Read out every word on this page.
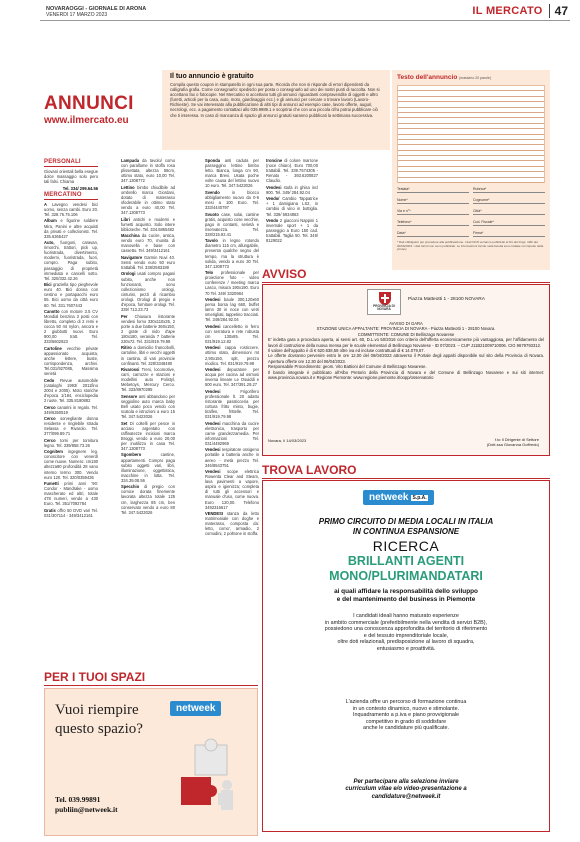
NOVARAOGGI - GIORNALE DI ARONA
VENERDI 17 MARZO 2023	IL MERCATO	47
ANNUNCI
www.ilmercato.eu
PERSONALI

Giovani orientali bella esegue dolce massaggio solo pero tali falsi. Chiama

Tel. 334/ 299.64.56

MERCATINO

A Lavegno vendesi bici uomo, senza cambi. Euro 20. Tel. 328.76.75.106

Album e figurine soldiere Mira, Panini e altre acquisti da privati e collezionisti. Tel. 335.6365427

Auto, fuorgoni, caravan, rimorchi, trattori, pick up, fuoristrada, divertimento, moderni, fuoristrada, fuori, compro. Paga subito, passaggio di proprietà immediata e cancelli sotto. Tel. 320/332.42.26

Bici graziella tipo pieghevole euro 40. Bici donna con cestino e portapacchi euro 55. Bici uomo da città euro 60. Tel. 331.7607443

Canotto con motore 3.5 CV Mondial benzina 3 posti con libretto, completo di 2 remi e cocca 50 mt nylon, ancora e 2 giubbotti nuovi. Euro 900,00 tratt. Tel. 333/5602823

Cartoline vecchie private appassionato acquista, anche lettere, buste, corrispondenza, archivi. Tel.031/927085, Massima serietà

Cedo Revue automobile (cataloghi 1993/ 2011fino 2004 e 2005). Moto storiche d'epoca 1/184, enciclopedia 2 ruote. Tel. 335.8190882

Cerco canarini in regalo. Tel. 349/6350519

Cerco sorvegliante donna residente e ringlebile strada Selassa e Rivarolo. Tel. 377/099.89.71

Cerco torni per tornitura legno. Tel. 339/858.73.26

Cognitem ingegnere leg. conoscitore con venerdì come nuove. Numero: cm180 altezza90 profondità 28 vano interno termo 300. Vendo euro 120. Tel. 320/0359436

Fumetti primi anni '90: Condor - Mandrake - uomo mascherato ed altri, totale 478 numeri, vendo a 430 Euro. Tel. 351/7092784

Gratis offro 50 DVD vari Tel. 031/307114 - 349/3412161

Lampada da tavolo/ como con parallume in stoffa rosa plissettata, altezza 58cm, ottimo stato, euro 10,00 Tel. 347.1308772

Lettino bimbo chiudibile ad ombrello marca Giordani, dotato di materasso sfoderabile in ottimo stato vendo a euro 40,00 Tel. 347.1308773

Libri antichi e moderni e fumetti acquisto. Solo intere biblioteche. Tel. 334.6865482

Macchina da cucire, antica, vendo euro 70, munita di manovella e base con cassetto. Tel. 349/3412161

Navigatore Garmin Nuvi 40. Sensi vendo euro 50 euro trattabili. Tel. 338/2583189

Orologi usati compro pagasi subito, anche non funzionanti, sono collezionismo orologi, cinturini, pezzi di ricambio orologi. Orologi di pregio e d'epoca, forniture orologi. Tel. 339/ 713.23.73

Per Chiusura ristorante vendesi forno 330x110x35, 2 porte a due batterie 360x150, 2 grate di nido d'ape 180x180, veranda 7 batterie 230x72. Tel. 331/919.79.98

Ritiro a domicilio francobolli, cartoline, libri e vecchi oggetti in cantina, di vari provincie confinanti. Tel. 328/3348480

Rivarossi Treni, locomotive, carri, carrozze e stazioni e modellini auto Polistyl, Mebetoys, Mercury Cerco. Tel. 333/8970285

Sensore anti abbandono per seggiolino auto marca baby Bell usato poco vendo con scatola e istruzioni a euro 15 Tel. 347.5423026

Set Di coltelli per pesce in acciaio argentato con raffinatezze incisioni marca Broggi, vendo a euro 20,00 per inutilizzo in casa Tel. 347.1308773

Sgombero cantine, appartamenti. Compro paga subito oggetti vari, libri, illuminazione, oggettistica, macchine in lotta. Tel. 334.39.08.56

Specchio di pregio con cornice dorata finemente lavorata altezza totale 125 cm, larghezza 85 cm, ben conservato vendo a euro 80 Tel. 347.5423026

Sponda anti caduta per passeggino lettino bimbo letto. Bianca, lunga cm 90, marca Brevi. Usata poche volte causa del lettino nuovo 10 euro. Tel. 347.5423026

Svendo in blocco abbigliamento nuovo da 0-6 mesi a 100 Euro. Tel. 333/4440797

Svuoto case, solai, cantine gratis, acquisto cose vecchie, pago in contanti, serietà e riservatezza. Tel. 328/215.92.41

Tavolo in legno rotondo diametro 115 cm, allungabile, presenta qualche segno del tempo, ma la struttura è solida, vendo a euro 30 Tel. 347.1308773

Telo professionale per proiezione foto - video conferenze / meeting marca Lasco, misura 190x190. Euro 70 Tel. 349/ 3320984

Vendesi baule 300,120x60 persa borsa lag 660, buffet lamn 30 in noce con vetri smerigliati, tappetino tracciati. Tel. 349/284.92.04

Vendesi cancelletto in ferro con serratura e rete robusta cm 130x85. Tel. 031/919.12.82

Vendesi cappa rosticcere, ottimo stato, dimensioni mt 2,90x150, splt, prezzo modico. Tel. 031/919.79.98

Vendesi depuratore per acqua per cucina ad osmosi inversa lineare Le Osuiddi e 500 euro. Tel. 347/391.29.27

Vendesi Frigorifero professionale lt. 20 adatto ristorante passticceria per cottura fritto misto, bugie, tiralfen, frittelle. Tel. 031/919.79.98

Vendesi macchina da cucire elettronica, trasporto per carne grandezzamedia. Per informazioni Tel. 031/4492969

Vendesi respiratore ossigeno portatile a batteria anche in aereo - metà prezzo Tel. 346/8543751

Vendesi scope elettrica Rowenta Clear and Steam, lava pavimenti a vapore, aspira e igienizza; completa di tutti gli accessori e manuale d'uso, come nuova. Euro 120,00. Telefono 3492316617

VENDESI stanza da letto matrimoniale con doghe e materasso, composta da: letto, como', armadio, 2 comodini, 2 poltrone in stoffa.

troncine di colore marrone (noce chiaro). Euro 700,00 trattabili. Tel. 339.7574305 - Renato - 393.6200827 Claudio.

Vendesi stufa in ghisa incl 900. Tel. 349/ 284.92.04

Vendo/ Cambio Tappatrice + 1 damigiana LS2, in cambio di vino in bottiglia. Tel. 339/ 5934863

Vendo 2 giacconi Nappini 1 invernale sport + 1 da passeggio a Euro 150 cad. trattabili. Taglia 50. Tel. 349/ 8129022

Il tuo annuncio è gratuito
Compila questo coupon in stampatello in ogni sua parte. Ricorda che non si risponde di errori dipendenti da calligrafia grafia. Come consegnarlo: spedisclo per posta o consegnarlo ad uno dei nostri punti di raccolta. Non si accettano fax o fotocopie. Nel Mercatino si accettano tutti gli annunci riguardanti compravendite di oggetti e altro (furetti, articoli per la casa, auto, moto, giardinaggio ecc.) e gli annunci per cercare o trovare lavoro (Lavoro-Richieste). Se vai interessato alla pubblicazione di altri tipi di annunci ad esempio case, lavoro offerte, auguri, necrologi, ecc. a pagamento contattaci allo 039.9989.1 e scoprirai che con una piccola cifra potrai pubblicare ciò che ti interessa. In caso di mancanza di spazio gli annunci gratuiti saranno pubblicati la settimana successiva.
Testo dell'annuncio (massimo 20 parole)
Testata*	Rubrica*
Nome*	Cognome*
Via e n°*	Città*
Telefono*	Cod. Fiscale*
Data*	Firma*
* Dati obbligatori per procedere alla pubblicazione. I dati NON verranno pubblicati ai fini del D.lgs. 196/ del 30/06/2003. I dati forniti non sono pubblicati. Le informazioni fornite nella facoltà sono trattate nel rispetto della privacy.
AVVISO
PROVINCIA DI NOVARA
Piazza Matteotti 1 - 28100 NOVARA
AVVISO DI GARA
STAZIONE UNICA APPALTANTE: PROVINCIA DI NOVARA - Piazza Matteotti 1 - 28100 Novara.
COMMITTENTE: COMUNE DI Bellinzago Novarese
E' indetta gara a procedura aperta, ai sensi art. 60, D.L.vo 50/2016 con criterio dell'offerta economicamente più vantaggiosa, per l'affidamento del lavori di costruzione della nuova mensa per le scuole elementari di Bellinzago Novarese - ID 07/2023. – CUP J11B21009710006. CIG 9679793312.
Il valore dell'appalto è di € 620.638,58 oltre iva ed incluse contrattuali di € 14.079,67.
Le offerte dovranno pervenire entro le ore 12.00 del 06/04/2023 attraverso il Portale degli appalti disponibile sul sito della Provincia di Novara. Apertura offerte ore 12.30 del 06/04/2023.
Responsabile Procedimento: geom. Vito Battioni del Comune di Bellinzago Novarese.
Il bando integrale è pubblicato all'Albo Pretorio della Provincia di Novara e del Comune di Bellinzago Novarese e sui siti internet: www.provincia.novara.it e Regione Piemonte: www.regione.piemonte.it/oopp/osservatorio
Novara, lì 14/03/2023	f.to Il Dirigente di Settore
(Dott.ssa Giovanna Goffredo)
TROVA LAVORO
netweek S.p.A.
PRIMO CIRCUITO DI MEDIA LOCALI IN ITALIA
IN CONTINUA ESPANSIONE
RICERCA
BRILLANTI AGENTI
MONO/PLURIMANDATARI
ai quali affidare la responsabilità dello sviluppo
e del mantenimento del business in Piemonte
I candidati ideali hanno maturato esperienze
in ambito commerciale (preferibilmente nella vendita di servizi B2B),
possiedono una conoscenza approfondita del territorio di riferimento
e del tessuto imprenditoriale locale,
oltre doti relazionali, predisposizione al lavoro di squadra,
entusiasmo e proattività.
L'azienda offre un percorso di formazione continua
in un contesto dinamico, nuovo e stimolante.
Inquadramento a p.iva e piano provvigionale
competitivo in grado di soddisfare
anche le candidature più qualificate.
Per partecipare alla selezione inviare
curriculum vitae e/o video-presentazione a
candidature@netweek.it
PER I TUOI SPAZI
Vuoi riempire
questo spazio?
netweek
Tel. 039.99891
publiin@netweek.it
